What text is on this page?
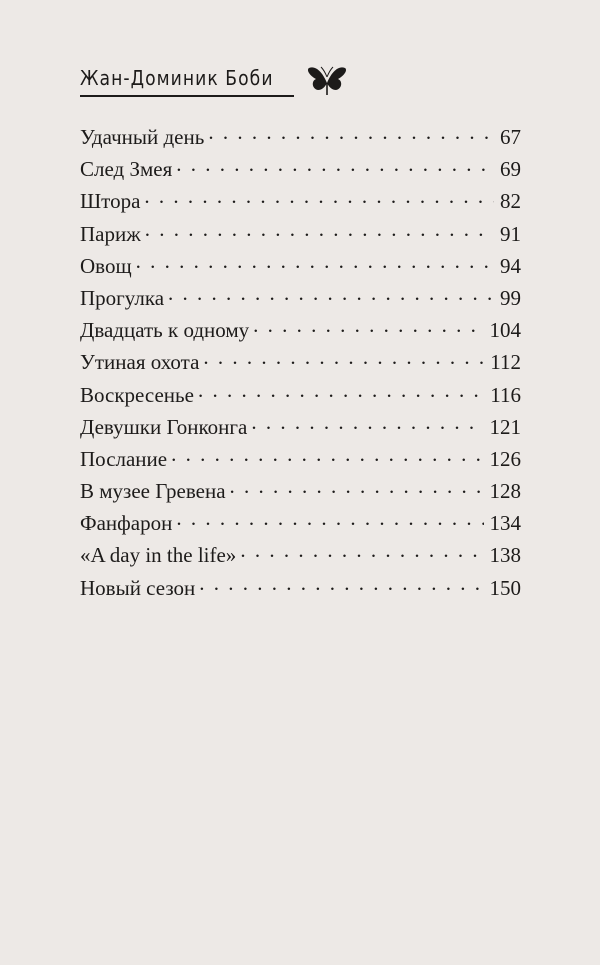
Жан-Доминик Боби
Удачный день . . .	67
След Змея . . .	69
Штора . . .	82
Париж . . .	91
Овощ . . .	94
Прогулка . . .	99
Двадцать к одному . . .	104
Утиная охота . . .	112
Воскресенье . . .	116
Девушки Гонконга . . .	121
Послание . . .	126
В музее Гревена . . .	128
Фанфарон . . .	134
«A day in the life» . . .	138
Новый сезон . . .	150
